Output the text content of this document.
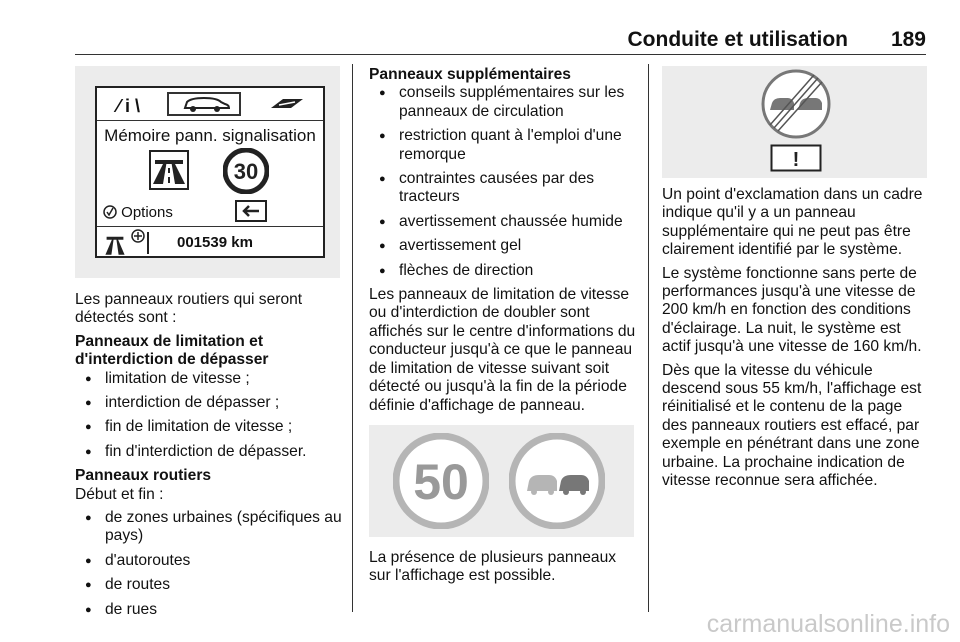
Conduite et utilisation 189
⁄ i \
Mémoire pann. signalisation
30
Options
001539 km

Les panneaux routiers qui seront détectés sont :

Panneaux de limitation et d'interdiction de dépasser

● limitation de vitesse ;
● interdiction de dépasser ;
● fin de limitation de vitesse ;
● fin d'interdiction de dépasser.

Panneaux routiers

Début et fin :

● de zones urbaines (spécifiques au pays)
● d'autoroutes
● de routes
● de rues

Panneaux supplémentaires

● conseils supplémentaires sur les panneaux de circulation
● restriction quant à l'emploi d'une remorque
● contraintes causées par des tracteurs
● avertissement chaussée humide
● avertissement gel
● flèches de direction

Les panneaux de limitation de vitesse ou d'interdiction de doubler sont affichés sur le centre d'informations du conducteur jusqu'à ce que le panneau de limitation de vitesse suivant soit détecté ou jusqu'à la fin de la période définie d'affichage de panneau.

50
La présence de plusieurs panneaux sur l'affichage est possible.
!

Un point d'exclamation dans un cadre indique qu'il y a un panneau supplémentaire qui ne peut pas être clairement identifié par le système.

Le système fonctionne sans perte de performances jusqu'à une vitesse de 200 km/h en fonction des conditions d'éclairage. La nuit, le système est actif jusqu'à une vitesse de 160 km/h.

Dès que la vitesse du véhicule descend sous 55 km/h, l'affichage est réinitialisé et le contenu de la page des panneaux routiers est effacé, par exemple en pénétrant dans une zone urbaine. La prochaine indication de vitesse reconnue sera affichée.

carmanualsonline.info
